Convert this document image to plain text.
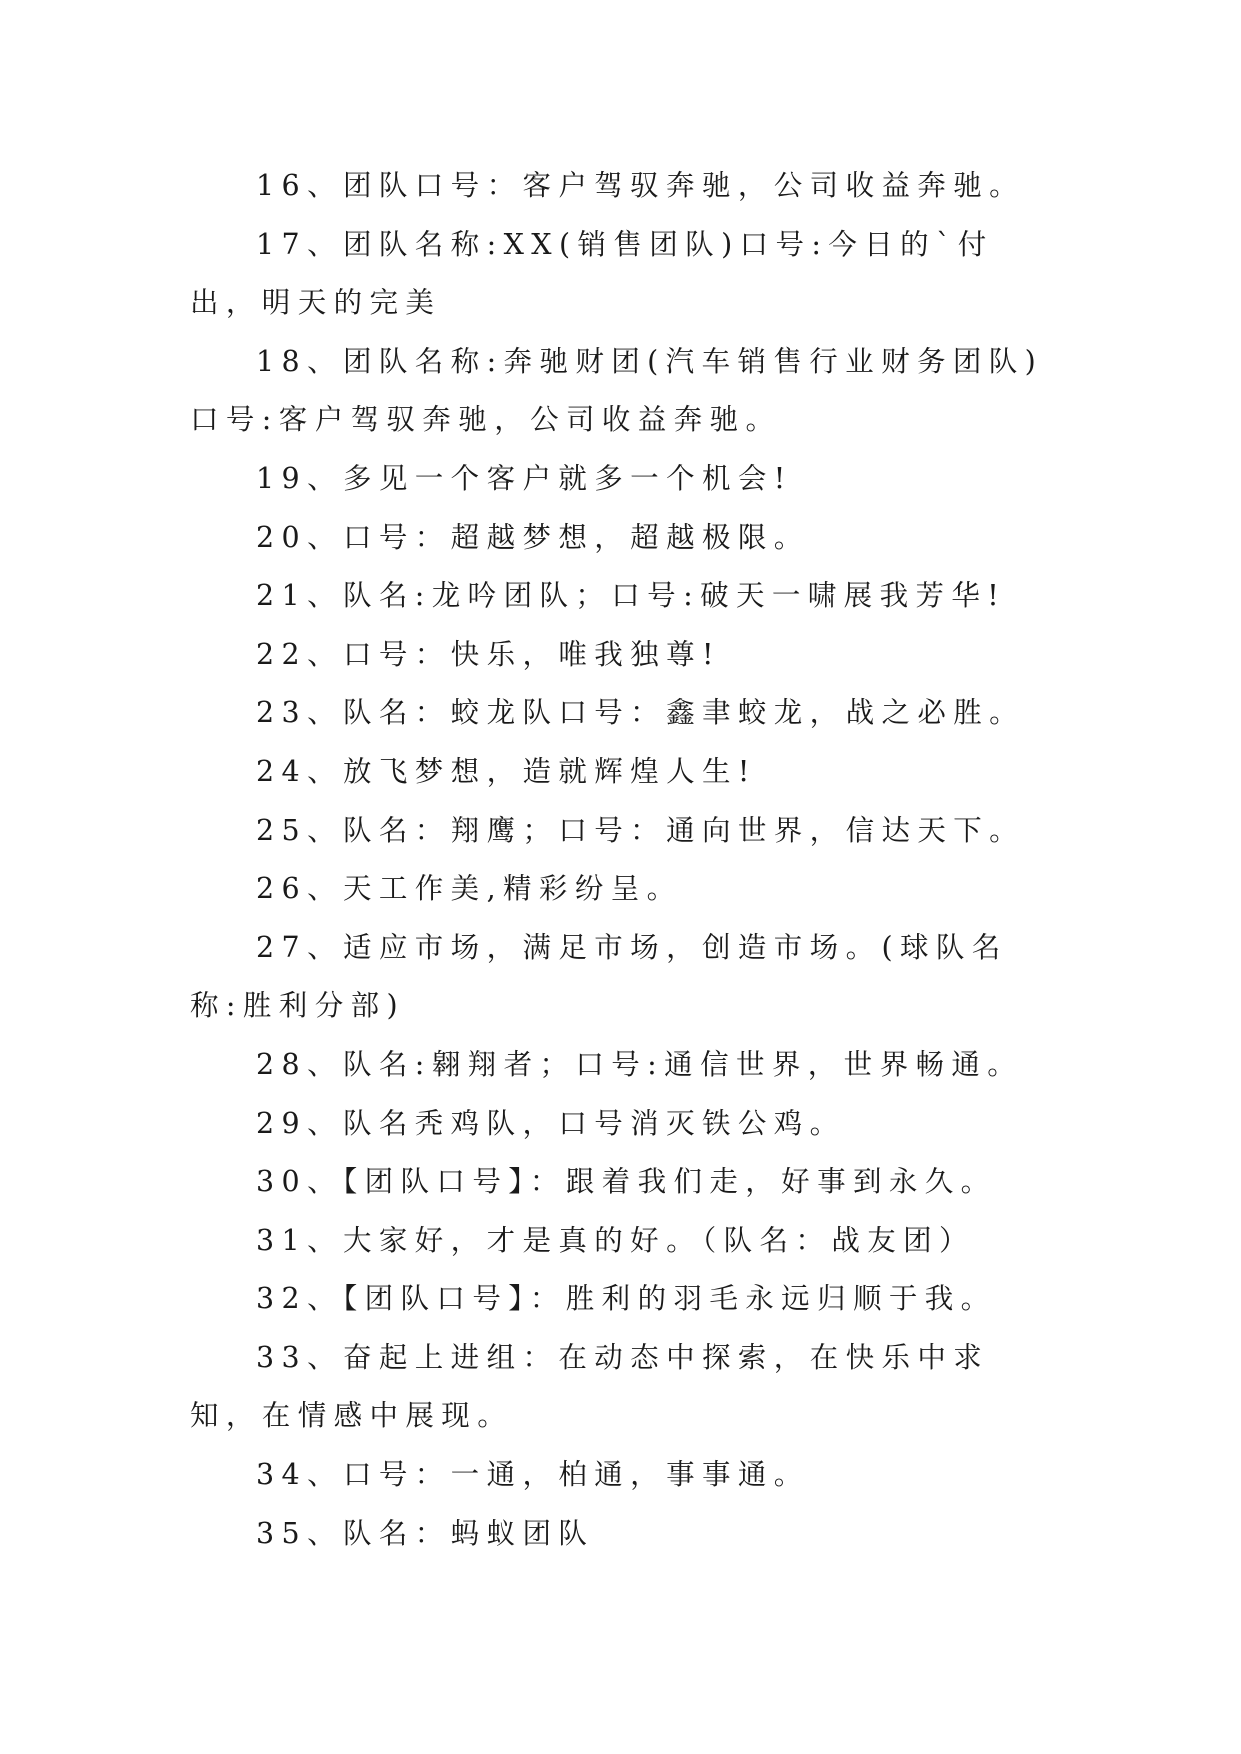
16、团队口号：客户驾驭奔驰，公司收益奔驰。

17、团队名称:XX(销售团队)口号:今日的`付出，明天的完美

18、团队名称:奔驰财团(汽车销售行业财务团队)口号:客户驾驭奔驰，公司收益奔驰。

19、多见一个客户就多一个机会!

20、口号：超越梦想，超越极限。

21、队名:龙吟团队；口号:破天一啸展我芳华!

22、口号：快乐，唯我独尊!

23、队名：蛟龙队口号：鑫聿蛟龙，战之必胜。

24、放飞梦想，造就辉煌人生!

25、队名：翔鹰；口号：通向世界，信达天下。

26、天工作美,精彩纷呈。

27、适应市场，满足市场，创造市场。(球队名称:胜利分部)

28、队名:翱翔者；口号:通信世界，世界畅通。

29、队名秃鸡队，口号消灭铁公鸡。

30、【团队口号】：跟着我们走，好事到永久。

31、大家好，才是真的好。（队名：战友团）

32、【团队口号】：胜利的羽毛永远归顺于我。

33、奋起上进组：在动态中探索，在快乐中求知，在情感中展现。

34、口号：一通，柏通，事事通。

35、队名：蚂蚁团队
